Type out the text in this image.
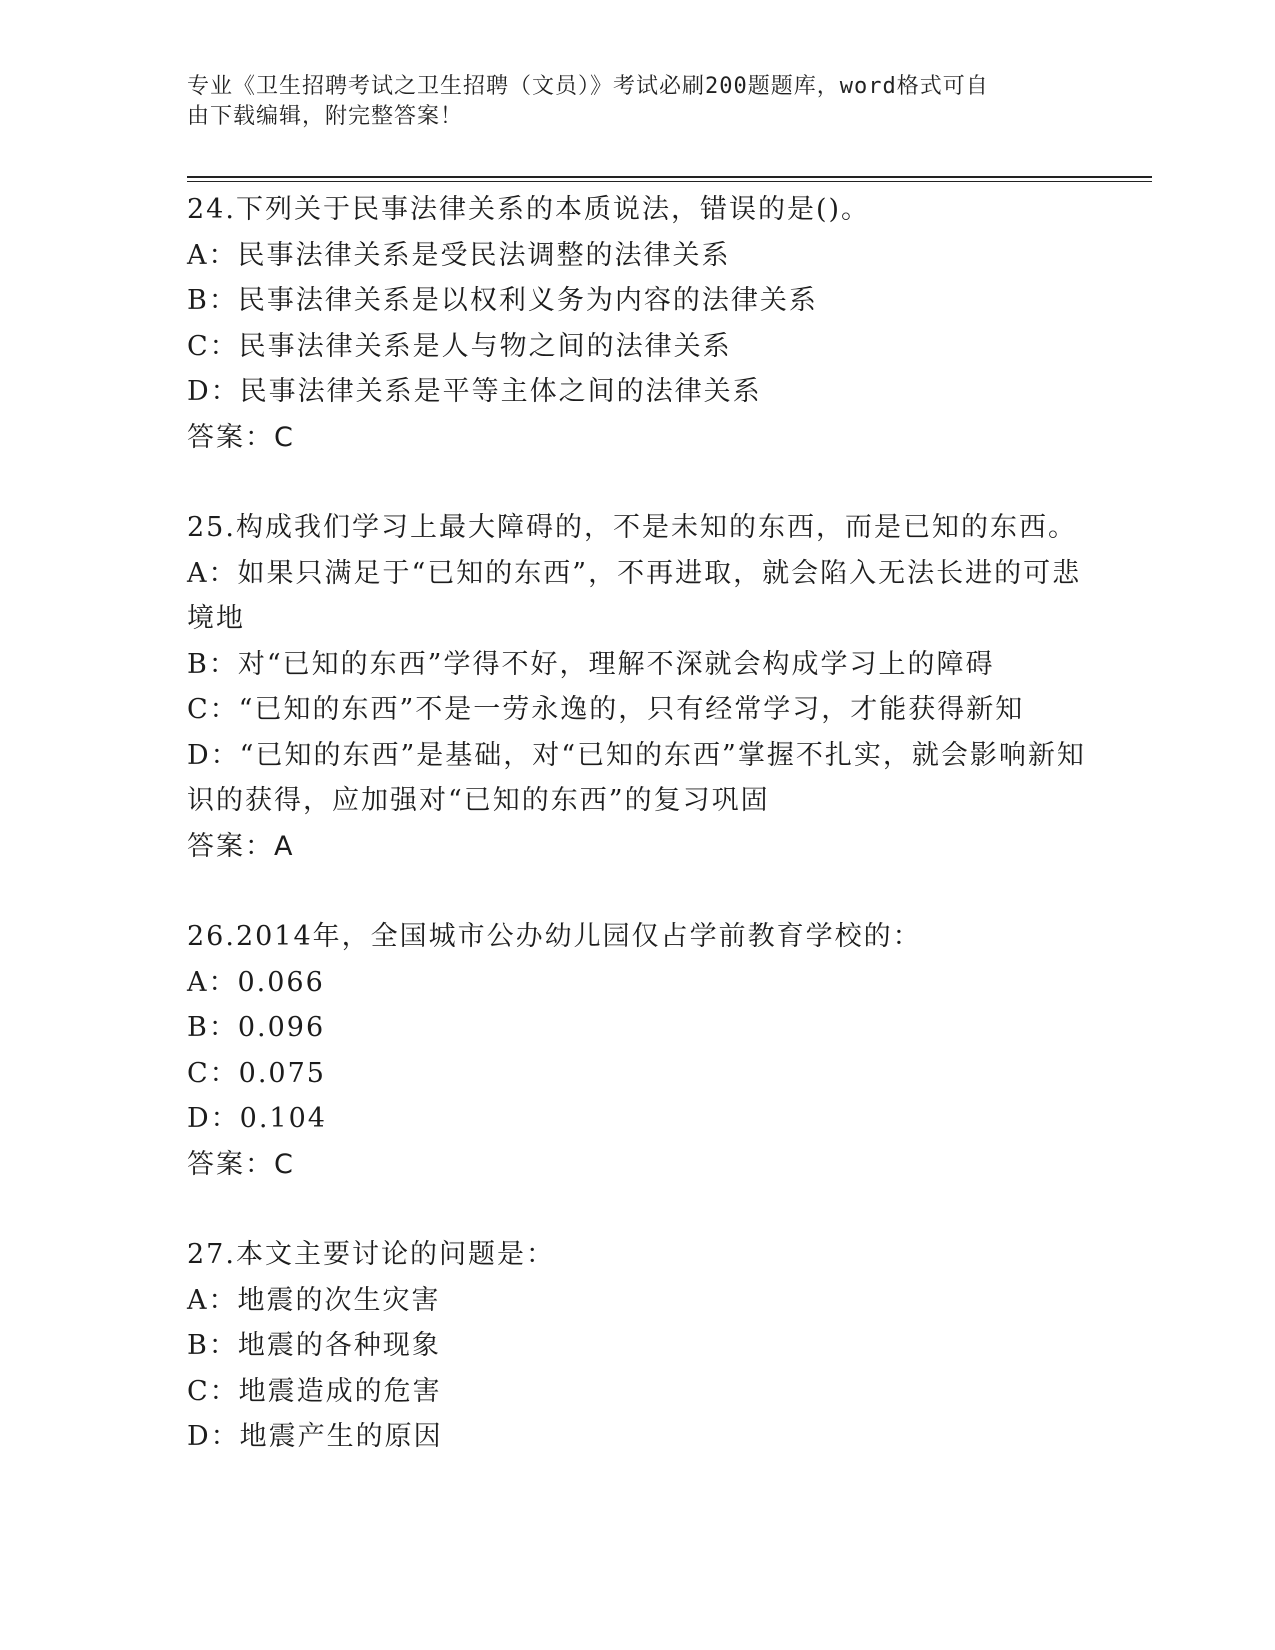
专业《卫生招聘考试之卫生招聘（文员）》考试必刷200题题库，word格式可自
由下载编辑，附完整答案！
24.下列关于民事法律关系的本质说法，错误的是()。
A：民事法律关系是受民法调整的法律关系
B：民事法律关系是以权利义务为内容的法律关系
C：民事法律关系是人与物之间的法律关系
D：民事法律关系是平等主体之间的法律关系
答案：C
25.构成我们学习上最大障碍的，不是未知的东西，而是已知的东西。
A：如果只满足于“已知的东西”，不再进取，就会陷入无法长进的可悲境地
B：对“已知的东西”学得不好，理解不深就会构成学习上的障碍
C：“已知的东西”不是一劳永逸的，只有经常学习，才能获得新知
D：“已知的东西”是基础，对“已知的东西”掌握不扎实，就会影响新知识的获得，应加强对“已知的东西”的复习巩固
答案：A
26.2014年，全国城市公办幼儿园仅占学前教育学校的：
A：0.066
B：0.096
C：0.075
D：0.104
答案：C
27.本文主要讨论的问题是：
A：地震的次生灾害
B：地震的各种现象
C：地震造成的危害
D：地震产生的原因
